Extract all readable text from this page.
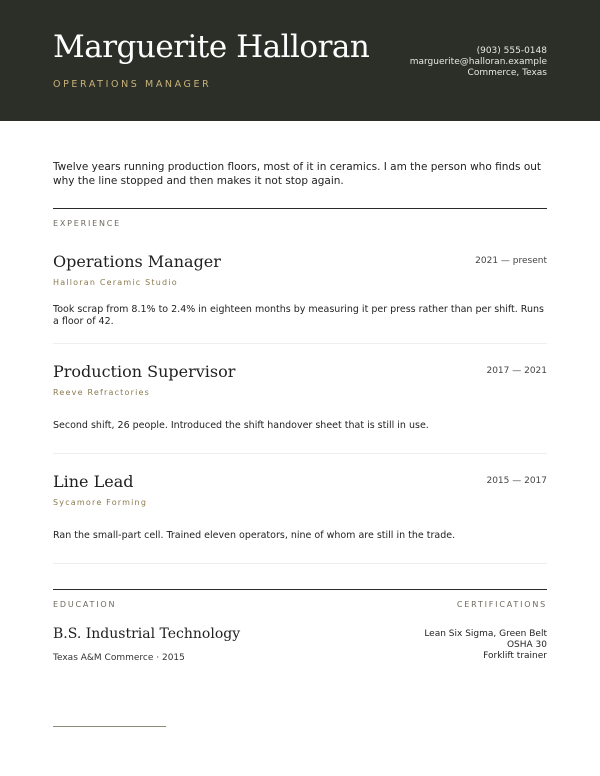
Marguerite Halloran
OPERATIONS MANAGER
(903) 555-0148
marguerite@halloran.example
Commerce, Texas
Twelve years running production floors, most of it in ceramics. I am the person who finds out why the line stopped and then makes it not stop again.
EXPERIENCE
Operations Manager	2021 — present
Halloran Ceramic Studio
Took scrap from 8.1% to 2.4% in eighteen months by measuring it per press rather than per shift. Runs a floor of 42.
Production Supervisor	2017 — 2021
Reeve Refractories
Second shift, 26 people. Introduced the shift handover sheet that is still in use.
Line Lead	2015 — 2017
Sycamore Forming
Ran the small-part cell. Trained eleven operators, nine of whom are still in the trade.
EDUCATION	CERTIFICATIONS
B.S. Industrial Technology
Texas A&M Commerce · 2015
Lean Six Sigma, Green Belt
OSHA 30
Forklift trainer
